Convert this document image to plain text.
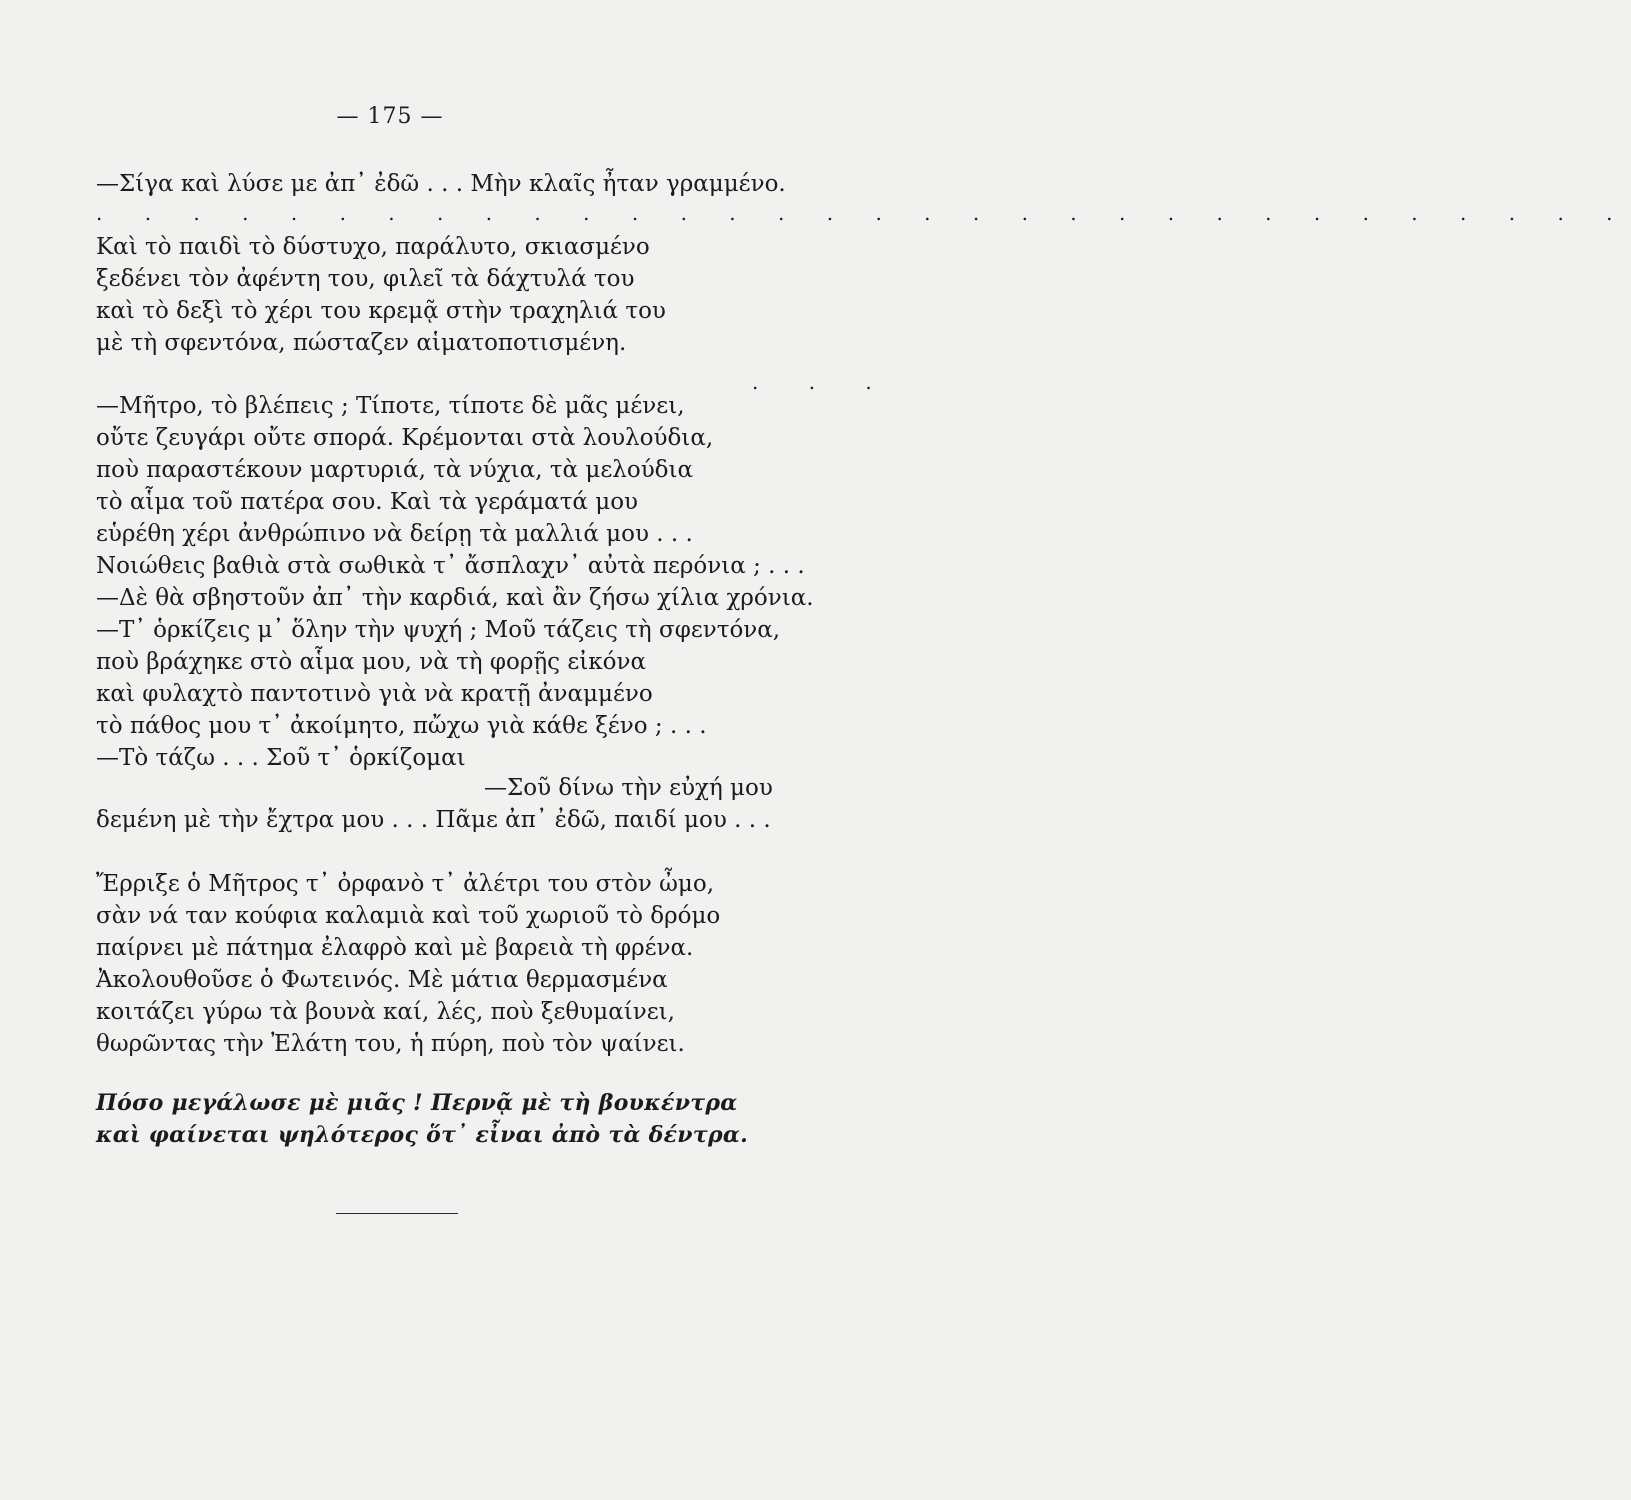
— 175 —
—Σίγα καὶ λύσε με ἀπ᾿ ἐδῶ . . . Μὴν κλαῖς ἦταν γραμμένο.
. . . . . . . . . . . . . . . . . . . . . . . . . . . . . . . .
Καὶ τὸ παιδὶ τὸ δύστυχο, παράλυτο, σκιασμένο
ξεδένει τὸν ἀφέντη του, φιλεῖ τὰ δάχτυλά του
καὶ τὸ δεξὶ τὸ χέρι του κρεμᾷ στὴν τραχηλιά του
μὲ τὴ σφεντόνα, πώσταζεν αἱματοποτισμένη.
. . .
—Μῆτρο, τὸ βλέπεις ; Τίποτε, τίποτε δὲ μᾶς μένει,
οὔτε ζευγάρι οὔτε σπορά. Κρέμονται στὰ λουλούδια,
ποὺ παραστέκουν μαρτυριά, τὰ νύχια, τὰ μελούδια
τὸ αἷμα τοῦ πατέρα σου. Καὶ τὰ γεράματά μου
εὑρέθη χέρι ἀνθρώπινο νὰ δείρῃ τὰ μαλλιά μου . . .
Νοιώθεις βαθιὰ στὰ σωθικὰ τ᾿ ἄσπλαχν᾿ αὐτὰ περόνια ; . . .
—Δὲ θὰ σβηστοῦν ἀπ᾿ τὴν καρδιά, καὶ ἂν ζήσω χίλια χρόνια.
—Τ᾿ ὁρκίζεις μ᾿ ὅλην τὴν ψυχή ; Μοῦ τάζεις τὴ σφεντόνα,
ποὺ βράχηκε στὸ αἷμα μου, νὰ τὴ φορῇς εἰκόνα
καὶ φυλαχτὸ παντοτινὸ γιὰ νὰ κρατῇ ἀναμμένο
τὸ πάθος μου τ᾿ ἀκοίμητο, πὤχω γιὰ κάθε ξένο ; . . .
—Τὸ τάζω . . . Σοῦ τ᾿ ὁρκίζομαι
—Σοῦ δίνω τὴν εὐχή μου
δεμένη μὲ τὴν ἔχτρα μου . . . Πᾶμε ἀπ᾿ ἐδῶ, παιδί μου . . .
Ἔρριξε ὁ Μῆτρος τ᾿ ὀρφανὸ τ᾿ ἀλέτρι του στὸν ὦμο,
σὰν νά ταν κούφια καλαμιὰ καὶ τοῦ χωριοῦ τὸ δρόμο
παίρνει μὲ πάτημα ἐλαφρὸ καὶ μὲ βαρειὰ τὴ φρένα.
Ἀκολουθοῦσε ὁ Φωτεινός. Μὲ μάτια θερμασμένα
κοιτάζει γύρω τὰ βουνὰ καί, λές, ποὺ ξεθυμαίνει,
θωρῶντας τὴν Ἐλάτη του, ἡ πύρη, ποὺ τὸν ψαίνει.
Πόσο μεγάλωσε μὲ μιᾶς ! Περνᾷ μὲ τὴ βουκέντρα
καὶ φαίνεται ψηλότερος ὅτ᾿ εἶναι ἀπὸ τὰ δέντρα.
